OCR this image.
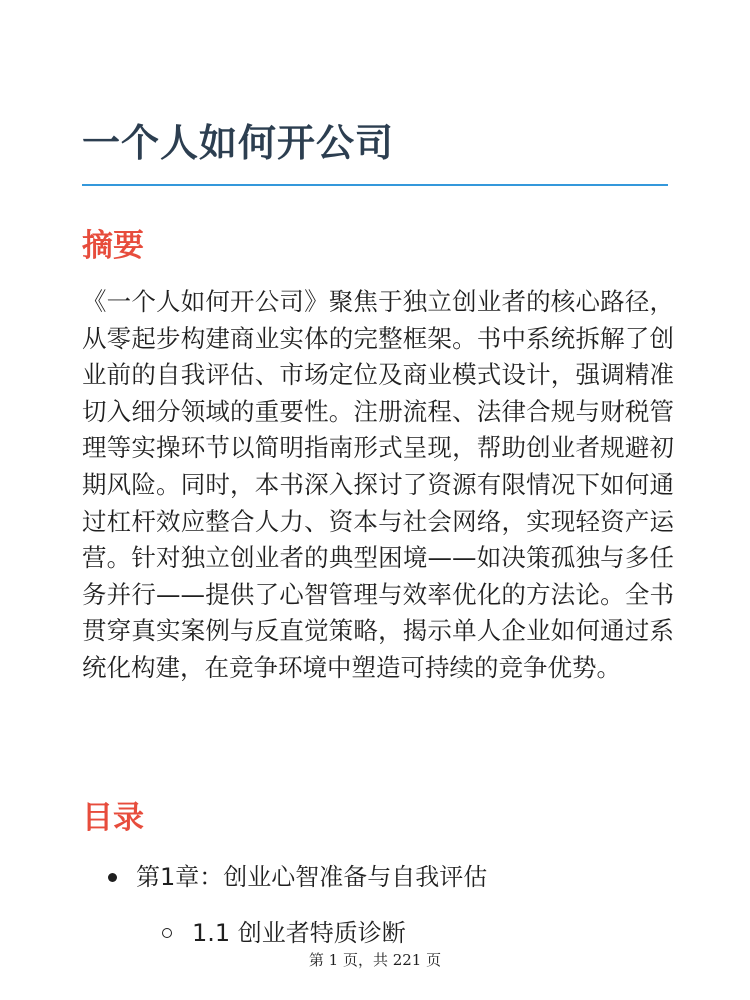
一个人如何开公司
摘要

《一个人如何开公司》聚焦于独立创业者的核心路径，从零起步构建商业实体的完整框架。书中系统拆解了创业前的自我评估、市场定位及商业模式设计，强调精准切入细分领域的重要性。注册流程、法律合规与财税管理等实操环节以简明指南形式呈现，帮助创业者规避初期风险。同时，本书深入探讨了资源有限情况下如何通过杠杆效应整合人力、资本与社会网络，实现轻资产运营。针对独立创业者的典型困境——如决策孤独与多任务并行——提供了心智管理与效率优化的方法论。全书贯穿真实案例与反直觉策略，揭示单人企业如何通过系统化构建，在竞争环境中塑造可持续的竞争优势。

目录
第1章：创业心智准备与自我评估
1.1 创业者特质诊断
第 1 页，共 221 页
